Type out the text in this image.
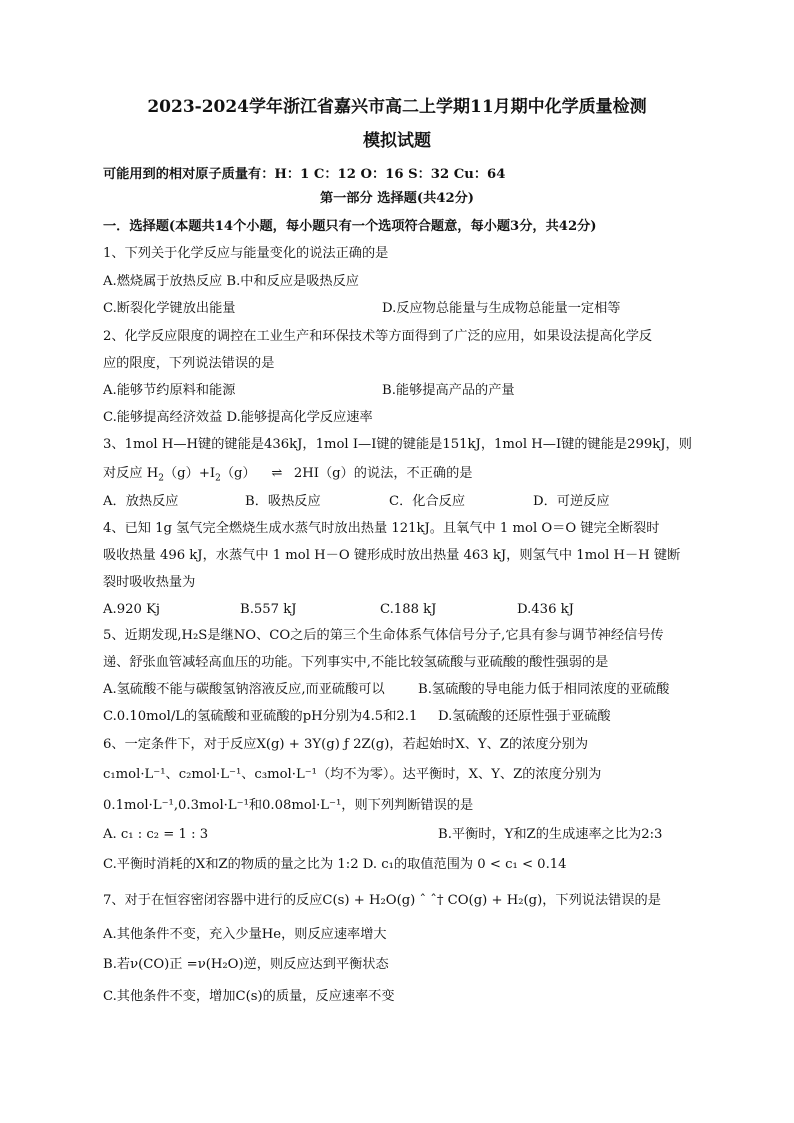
2023-2024学年浙江省嘉兴市高二上学期11月期中化学质量检测
模拟试题
可能用到的相对原子质量有：H：1 C：12 O：16 S：32 Cu：64
第一部分 选择题(共42分)
一．选择题(本题共14个小题，每小题只有一个选项符合题意，每小题3分，共42分)
1、下列关于化学反应与能量变化的说法正确的是
A.燃烧属于放热反应 B.中和反应是吸热反应
C.断裂化学键放出能量	D.反应物总能量与生成物总能量一定相等
2、化学反应限度的调控在工业生产和环保技术等方面得到了广泛的应用，如果设法提高化学反
应的限度，下列说法错误的是
A.能够节约原料和能源	B.能够提高产品的产量
C.能够提高经济效益 D.能够提高化学反应速率
3、1mol H—H键的键能是436kJ，1mol I—I键的键能是151kJ，1mol H—I键的键能是299kJ，则
对反应 $H_2(g)+I_2(g)$ ⇌ 2HI（g）的说法，不正确的是
A．放热反应	B．吸热反应	C．化合反应	D．可逆反应
4、已知 1g 氢气完全燃烧生成水蒸气时放出热量 121kJ。且氧气中 1 mol O＝O 键完全断裂时
吸收热量 496 kJ，水蒸气中 1 mol H－O 键形成时放出热量 463 kJ，则氢气中 1mol H－H 键断
裂时吸收热量为
A.920 Kj	B.557 kJ	C.188 kJ	D.436 kJ
5、近期发现,H₂S是继NO、CO之后的第三个生命体系气体信号分子,它具有参与调节神经信号传
递、舒张血管减轻高血压的功能。下列事实中,不能比较氢硫酸与亚硫酸的酸性强弱的是
A.氢硫酸不能与碳酸氢钠溶液反应,而亚硫酸可以	B.氢硫酸的导电能力低于相同浓度的亚硫酸
C.0.10mol/L的氢硫酸和亚硫酸的pH分别为4.5和2.1 D.氢硫酸的还原性强于亚硫酸
6、一定条件下，对于反应X(g) + 3Y(g) ƒ 2Z(g)，若起始时X、Y、Z的浓度分别为
c₁mol·L⁻¹、c₂mol·L⁻¹、c₃mol·L⁻¹（均不为零）。达平衡时，X、Y、Z的浓度分别为
0.1mol·L⁻¹,0.3mol·L⁻¹和0.08mol·L⁻¹，则下列判断错误的是
A. c₁ : c₂ = 1 : 3	B.平衡时，Y和Z的生成速率之比为2:3
C.平衡时消耗的X和Z的物质的量之比为 1:2 D. c₁的取值范围为 0 < c₁ < 0.14
7、对于在恒容密闭容器中进行的反应C(s) + H₂O(g) ˆ ˆ† CO(g) + H₂(g)，下列说法错误的是
A.其他条件不变，充入少量He，则反应速率增大
B.若ν(CO)正 =ν(H₂O)逆，则反应达到平衡状态
C.其他条件不变，增加C(s)的质量，反应速率不变
